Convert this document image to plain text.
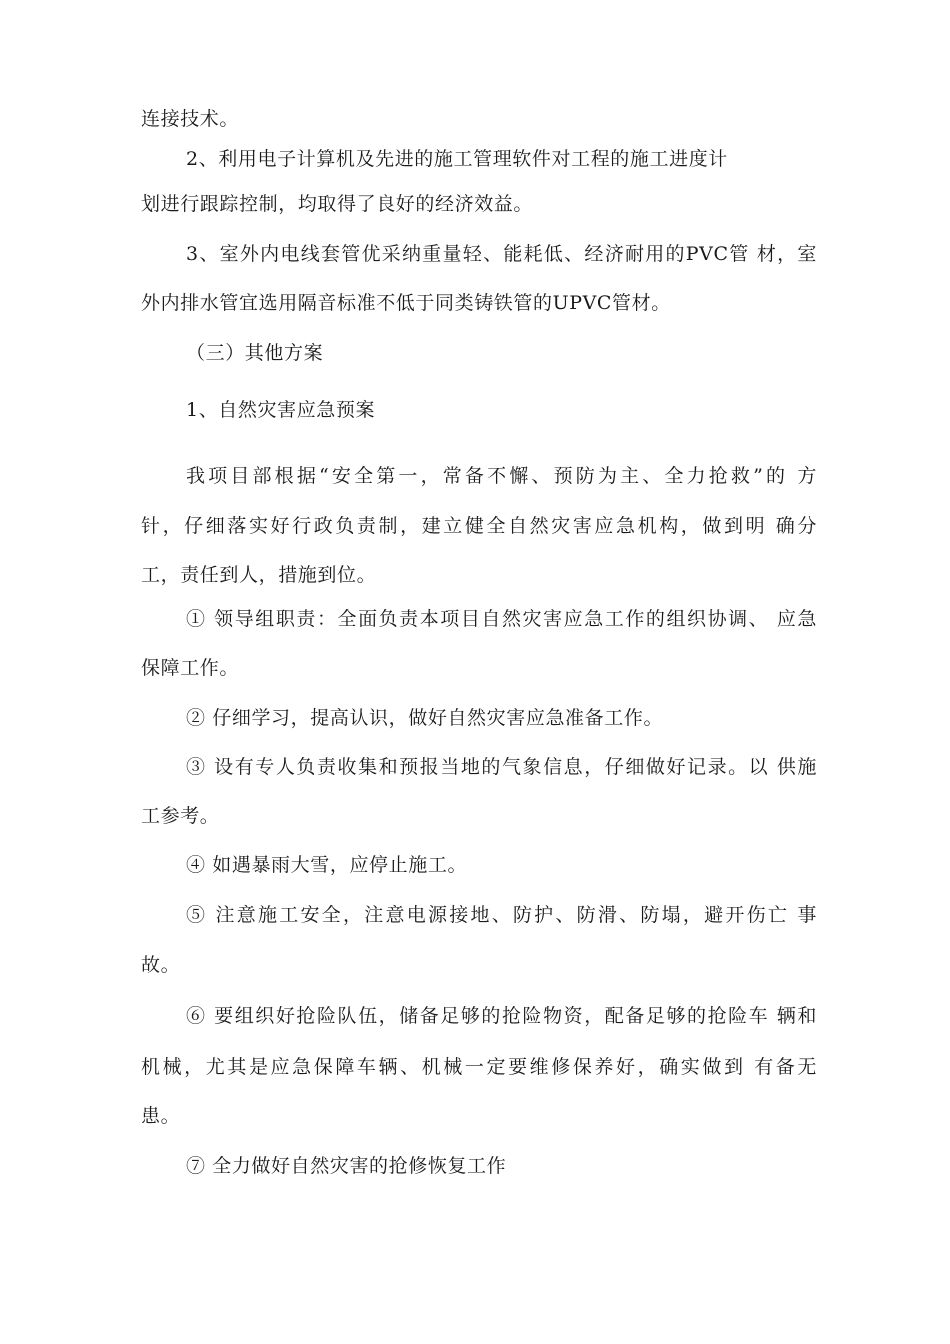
连接技术。

2、利用电子计算机及先进的施工管理软件对工程的施工进度计

划进行跟踪控制，均取得了良好的经济效益。

3、室外内电线套管优采纳重量轻、能耗低、经济耐用的PVC管 材，室

外内排水管宜选用隔音标准不低于同类铸铁管的UPVC管材。

（三）其他方案

1、自然灾害应急预案

我项目部根据“安全第一，常备不懈、预防为主、全力抢救”的 方

针，仔细落实好行政负责制，建立健全自然灾害应急机构，做到明 确分

工，责任到人，措施到位。

① 领导组职责：全面负责本项目自然灾害应急工作的组织协调、 应急

保障工作。

② 仔细学习，提高认识，做好自然灾害应急准备工作。

③ 设有专人负责收集和预报当地的气象信息，仔细做好记录。以 供施

工参考。

④ 如遇暴雨大雪，应停止施工。

⑤ 注意施工安全，注意电源接地、防护、防滑、防塌，避开伤亡 事

故。

⑥ 要组织好抢险队伍，储备足够的抢险物资，配备足够的抢险车 辆和

机械，尤其是应急保障车辆、机械一定要维修保养好，确实做到 有备无

患。

⑦ 全力做好自然灾害的抢修恢复工作
